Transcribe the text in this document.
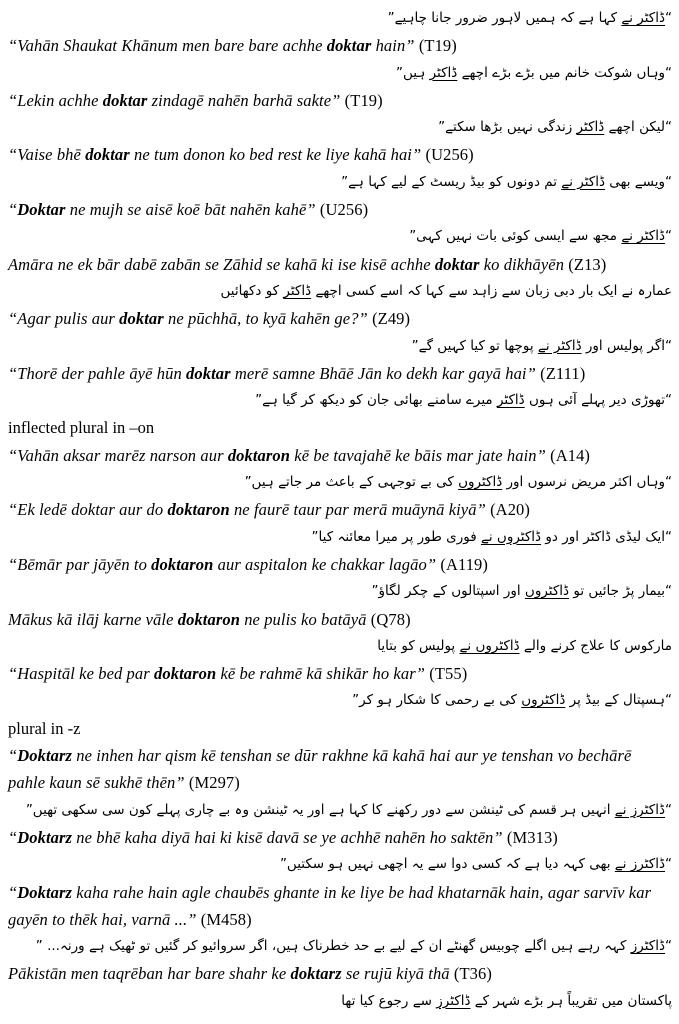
“ڈاکٹر نے کہا ہے کہ ہمیں لاہور ضرور جانا چاہیے”
“Vahān Shaukat Khānum men bare bare achhe doktar hain” (T19)
“وہاں شوکت خانم میں بڑے بڑے اچھے ڈاکٹر ہیں”
“Lekin achhe doktar zindagē nahēn barhā sakte” (T19)
“لیکن اچھے ڈاکٹر زندگی نہیں بڑھا سکتے”
“Vaise bhē doktar ne tum donon ko bed rest ke liye kahā hai” (U256)
“ویسے بھی ڈاکٹر نے تم دونوں کو بیڈ ریسٹ کے لیے کہا ہے”
“Doktar ne mujh se aisē koē bāt nahēn kahē” (U256)
“ڈاکٹر نے مجھ سے ایسی کوئی بات نہیں کہی”
Amāra ne ek bār dabē zabān se Zāhid se kahā ki ise kisē achhe doktar ko dikhāyēn (Z13)
عمارہ نے ایک بار دبی زبان سے زاہد سے کہا کہ اسے کسی اچھے ڈاکٹر کو دکھائیں
“Agar pulis aur doktar ne pūchhā, to kyā kahēn ge?” (Z49)
“اگر پولیس اور ڈاکٹر نے پوچھا تو کیا کہیں گے”
“Thorē der pahle āyē hūn doktar merē samne Bhāē Jān ko dekh kar gayā hai” (Z111)
“تھوڑی دیر پہلے آئی ہوں ڈاکٹر میرے سامنے بھائی جان کو دیکھ کر گیا ہے”
inflected plural in –on
“Vahān aksar marēz narson aur doktaron kē be tavajahē ke bāis mar jate hain” (A14)
“وہاں اکثر مریض نرسوں اور ڈاکٹروں کی بے توجہی کے باعث مر جاتے ہیں”
“Ek ledē doktar aur do doktaron ne faurē taur par merā muāynā kiyā” (A20)
“ایک لیڈی ڈاکٹر اور دو ڈاکٹروں نے فوری طور پر میرا معائنہ کیا”
“Bēmār par jāyēn to doktaron aur aspitalon ke chakkar lagāo” (A119)
“بیمار پڑ جائیں تو ڈاکٹروں اور اسپتالوں کے چکر لگاؤ”
Mākus kā ilāj karne vāle doktaron ne pulis ko batāyā (Q78)
مارکوس کا علاج کرنے والے ڈاکٹروں نے پولیس کو بتایا
“Haspitāl ke bed par doktaron kē be rahmē kā shikār ho kar” (T55)
“ہسپتال کے بیڈ پر ڈاکٹروں کی بے رحمی کا شکار ہو کر”
plural in -z
“Doktarz ne inhen har qism kē tenshan se dūr rakhne kā kahā hai aur ye tenshan vo bechārē pahle kaun sē sukhē thēn” (M297)
“ڈاکٹرز نے انہیں ہر قسم کی ٹینشن سے دور رکھنے کا کہا ہے اور یہ ٹینشن وہ بے چاری پہلے کون سی سکھی تھیں”
“Doktarz ne bhē kaha diyā hai ki kisē davā se ye achhē nahēn ho saktēn” (M313)
“ڈاکٹرز نے بھی کہہ دیا ہے کہ کسی دوا سے یہ اچھی نہیں ہو سکتیں”
“Doktarz kaha rahe hain agle chaubēs ghante in ke liye be had khatarnāk hain, agar sarvīv kar gayēn to thēk hai, varnā ...” (M458)
“ڈاکٹرز کہہ رہے ہیں اگلے چوبیس گھنٹے ان کے لیے بے حد خطرناک ہیں، اگر سروائیو کر گئیں تو ٹھیک ہے ورنہ... ”
Pākistān men taqrēban har bare shahr ke doktarz se rujū kiyā thā (T36)
پاکستان میں تقریباً ہر بڑے شہر کے ڈاکٹرز سے رجوع کیا تھا
